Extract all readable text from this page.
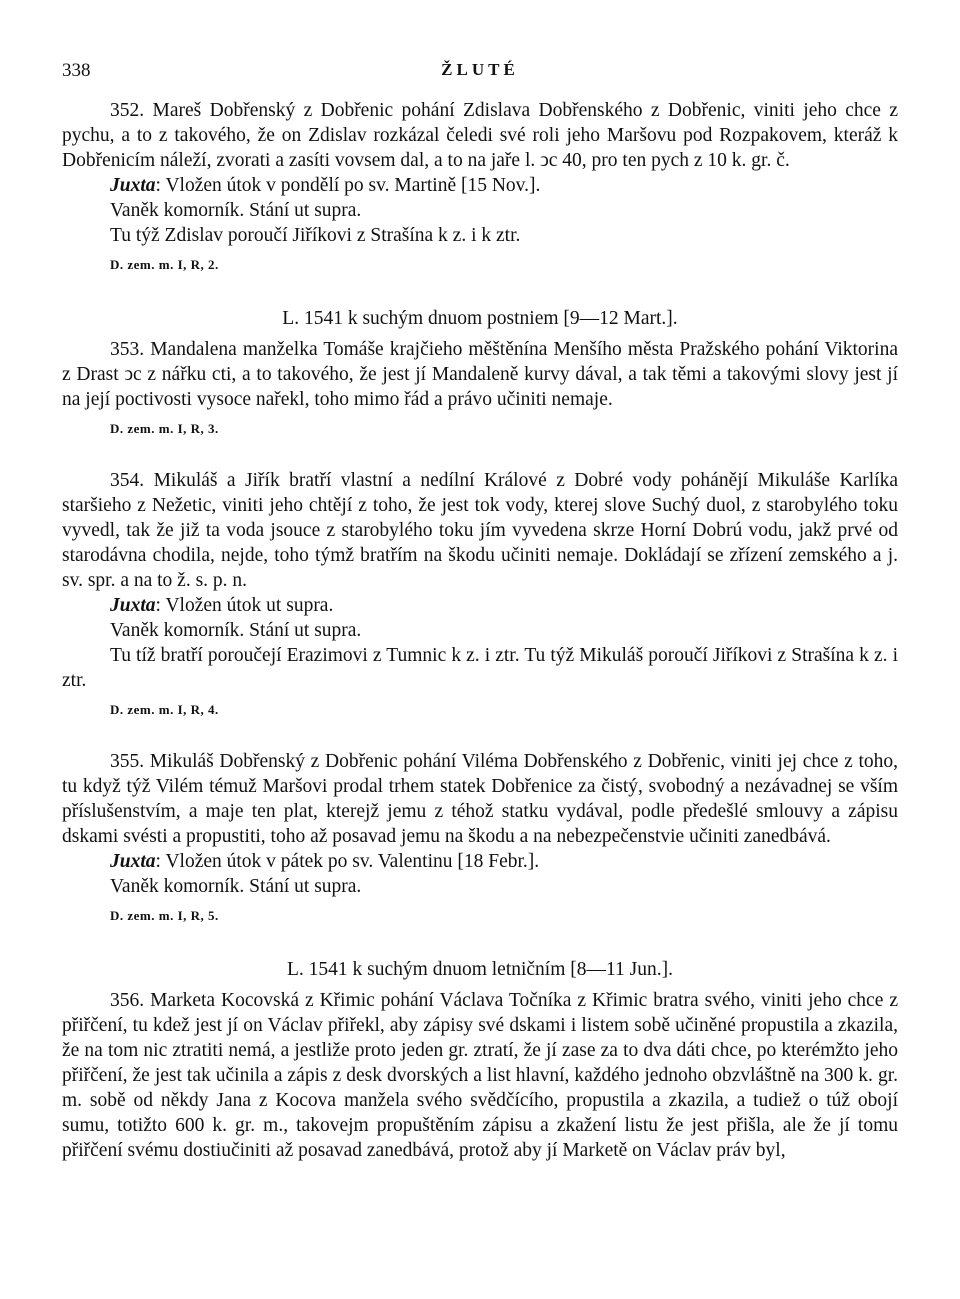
338	ŽLUTÉ

352. Mareš Dobřenský z Dobřenic pohání Zdislava Dobřenského z Dobřenic, viniti jeho chce z pychu, a to z takového, že on Zdislav rozkázal čeledi své roli jeho Maršovu pod Rozpakovem, kteráž k Dobřenicím náleží, zvorati a zasíti vovsem dal, a to na jaře l. ↄc 40, pro ten pych z 10 k. gr. č.

Juxta: Vložen útok v pondělí po sv. Martině [15 Nov.].

Vaněk komorník. Stání ut supra.

Tu týž Zdislav poroučí Jiříkovi z Strašína k z. i k ztr.

D. zem. m. I, R, 2.

L. 1541 k suchým dnuom postniem [9—12 Mart.].

353. Mandalena manželka Tomáše krajčieho měštěnína Menšího města Pražského pohání Viktorina z Drast ↄc z nářku cti, a to takového, že jest jí Mandaleně kurvy dával, a tak těmi a takovými slovy jest jí na její poctivosti vysoce nařekl, toho mimo řád a právo učiniti nemaje.

D. zem. m. I, R, 3.

354. Mikuláš a Jiřík bratří vlastní a nedílní Králové z Dobré vody pohánějí Mikuláše Karlíka staršieho z Nežetic, viniti jeho chtějí z toho, že jest tok vody, kterej slove Suchý duol, z starobylého toku vyvedl, tak že již ta voda jsouce z starobylého toku jím vyvedena skrze Horní Dobrú vodu, jakž prvé od starodávna chodila, nejde, toho týmž bratřím na škodu učiniti nemaje. Dokládají se zřízení zemského a j. sv. spr. a na to ž. s. p. n.

Juxta: Vložen útok ut supra.

Vaněk komorník. Stání ut supra.

Tu tíž bratří poroučejí Erazimovi z Tumnic k z. i ztr. Tu týž Mikuláš poroučí Jiříkovi z Strašína k z. i ztr.

D. zem. m. I, R, 4.

355. Mikuláš Dobřenský z Dobřenic pohání Viléma Dobřenského z Dobřenic, viniti jej chce z toho, tu když týž Vilém témuž Maršovi prodal trhem statek Dobřenice za čistý, svobodný a nezávadnej se vším příslušenstvím, a maje ten plat, kterejž jemu z téhož statku vydával, podle předešlé smlouvy a zápisu dskami svésti a propustiti, toho až posavad jemu na škodu a na nebezpečenstvie učiniti zanedbává.

Juxta: Vložen útok v pátek po sv. Valentinu [18 Febr.].

Vaněk komorník. Stání ut supra.

D. zem. m. I, R, 5.

L. 1541 k suchým dnuom letničním [8—11 Jun.].

356. Marketa Kocovská z Křimic pohání Václava Točníka z Křimic bratra svého, viniti jeho chce z přiřčení, tu kdež jest jí on Václav přiřekl, aby zápisy své dskami i listem sobě učiněné propustila a zkazila, že na tom nic ztratiti nemá, a jestliže proto jeden gr. ztratí, že jí zase za to dva dáti chce, po kterémžto jeho přiřčení, že jest tak učinila a zápis z desk dvorských a list hlavní, každého jednoho obzvláštně na 300 k. gr. m. sobě od někdy Jana z Kocova manžela svého svědčícího, propustila a zkazila, a tudiež o túž obojí sumu, totižto 600 k. gr. m., takovejm propuštěním zápisu a zkažení listu že jest přišla, ale že jí tomu přiřčení svému dostiučiniti až posavad zanedbává, protož aby jí Marketě on Václav práv byl,
